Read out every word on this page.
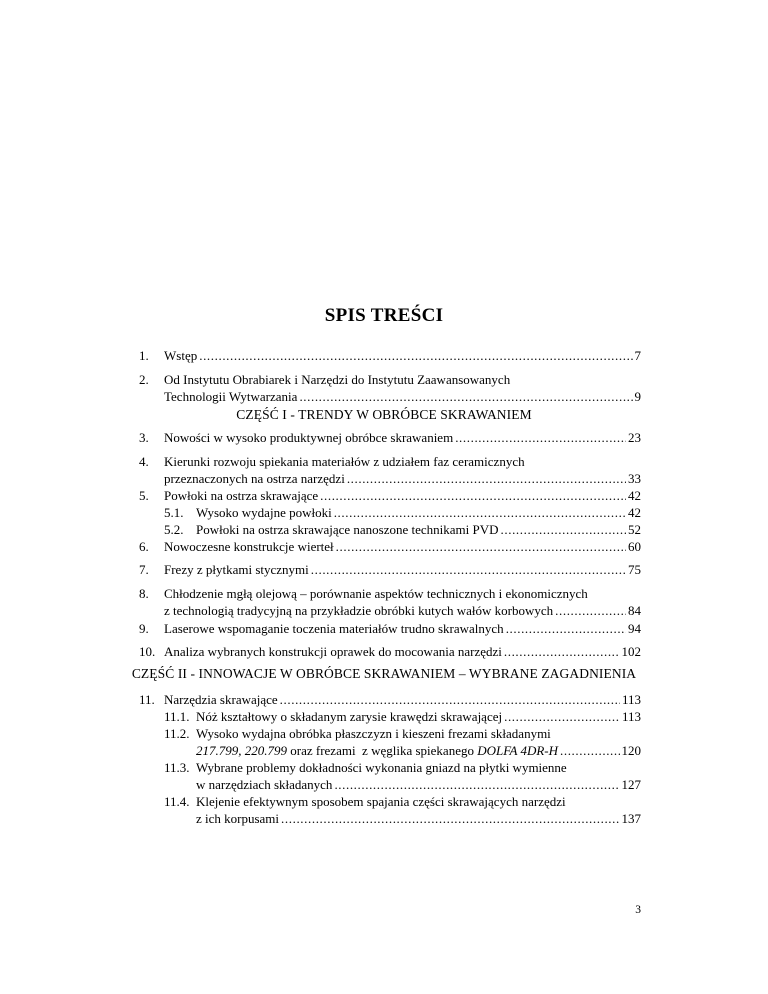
SPIS TREŚCI
1. Wstęp .....	7
2. Od Instytutu Obrabiarek i Narzędzi do Instytutu Zaawansowanych
Technologii Wytwarzania .....	9
CZĘŚĆ I - TRENDY W OBRÓBCE SKRAWANIEM
3. Nowości w wysoko produktywnej obróbce skrawaniem .....	23
4. Kierunki rozwoju spiekania materiałów z udziałem faz ceramicznych
przeznaczonych na ostrza narzędzi .....	33
5. Powłoki na ostrza skrawające .....	42
5.1. Wysoko wydajne powłoki .....	42
5.2. Powłoki na ostrza skrawające nanoszone technikami PVD .....	52
6. Nowoczesne konstrukcje wierteł .....	60
7. Frezy z płytkami stycznymi .....	75
8. Chłodzenie mgłą olejową – porównanie aspektów technicznych i ekonomicznych
z technologią tradycyjną na przykładzie obróbki kutych wałów korbowych .....	84
9. Laserowe wspomaganie toczenia materiałów trudno skrawalnych .....	94
10. Analiza wybranych konstrukcji oprawek do mocowania narzędzi .....	102
CZĘŚĆ II - INNOWACJE W OBRÓBCE SKRAWANIEM – WYBRANE ZAGADNIENIA
11. Narzędzia skrawające .....	113
11.1. Nóż kształtowy o składanym zarysie krawędzi skrawającej .....	113
11.2. Wysoko wydajna obróbka płaszczyzn i kieszeni frezami składanymi
217.799, 220.799 oraz frezami  z węglika spiekanego DOLFA 4DR-H .....	120
11.3. Wybrane problemy dokładności wykonania gniazd na płytki wymienne
w narzędziach składanych .....	127
11.4. Klejenie efektywnym sposobem spajania części skrawających narzędzi
z ich korpusami .....	137
3
